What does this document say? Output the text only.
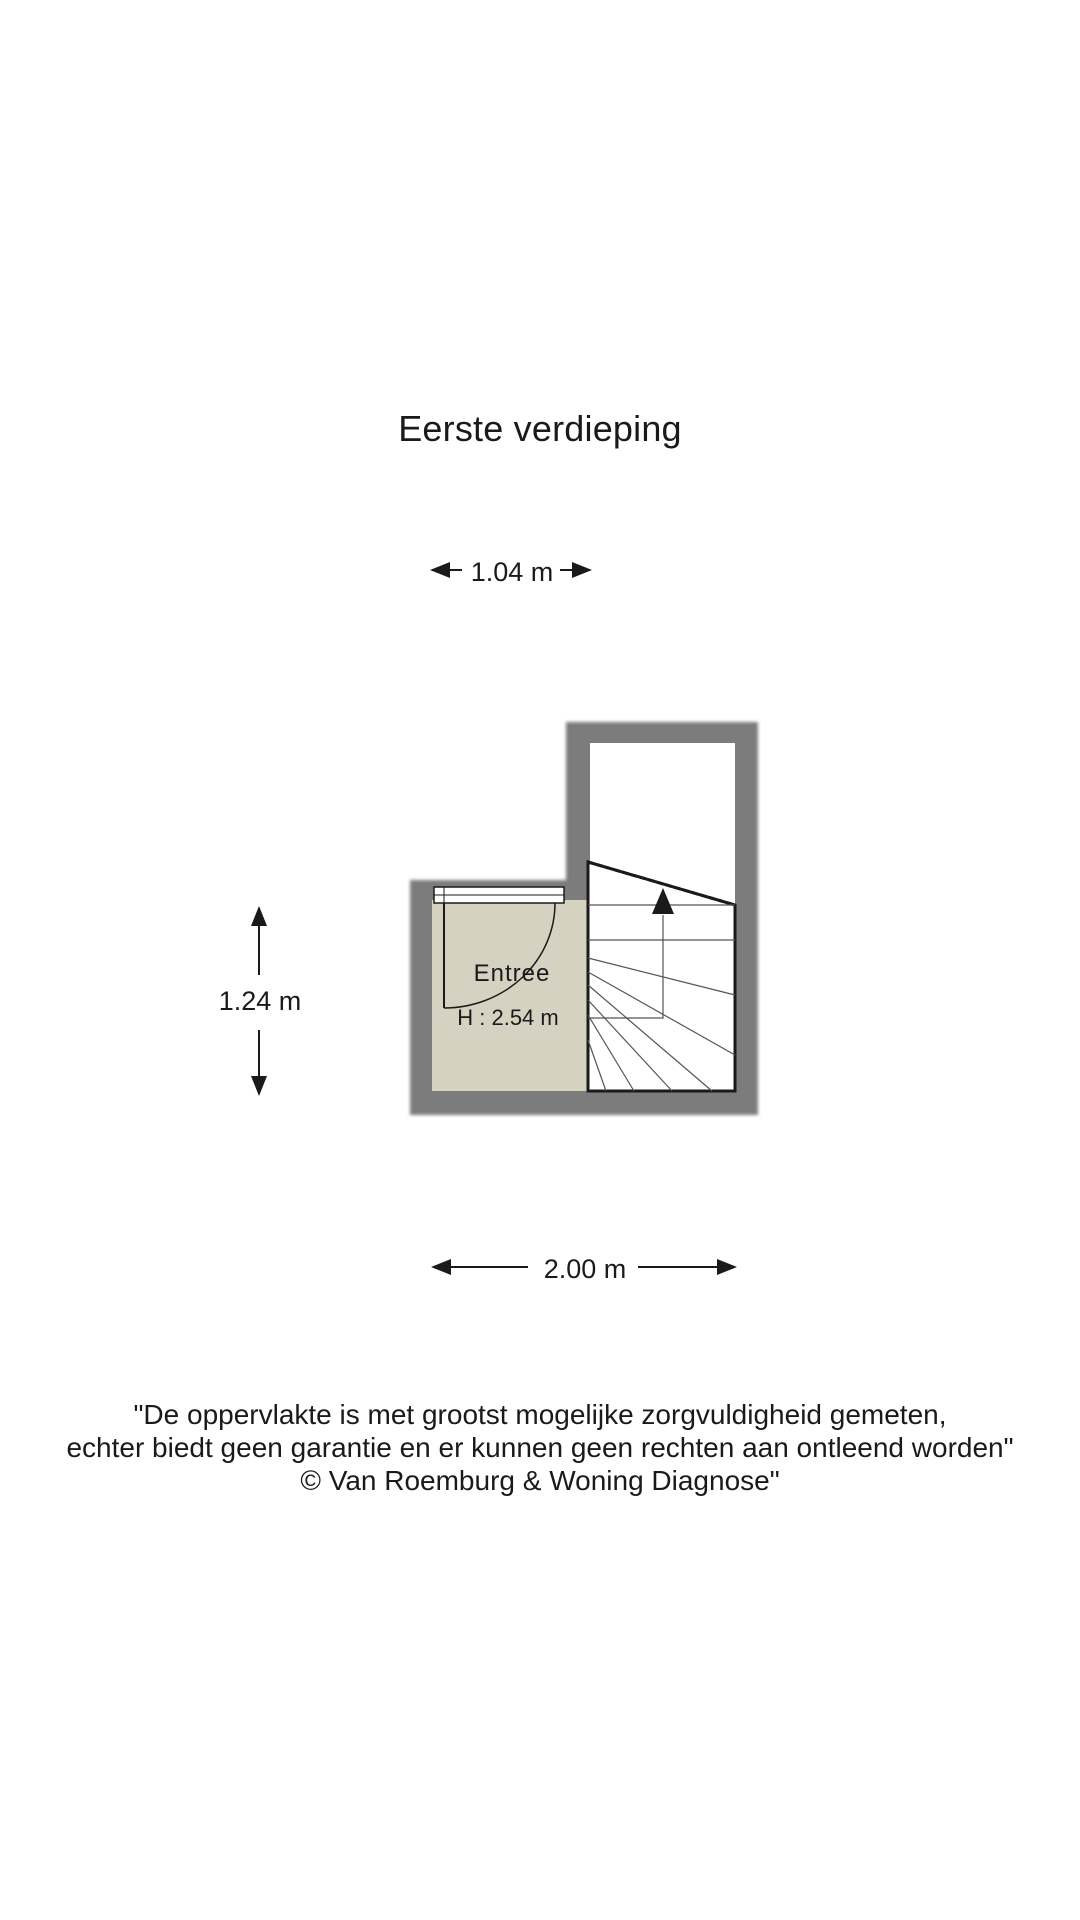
Eerste verdieping
1.04 m
1.24 m
2.00 m
Entree
H : 2.54 m
"De oppervlakte is met grootst mogelijke zorgvuldigheid gemeten,
echter biedt geen garantie en er kunnen geen rechten aan ontleend worden"
© Van Roemburg & Woning Diagnose"
